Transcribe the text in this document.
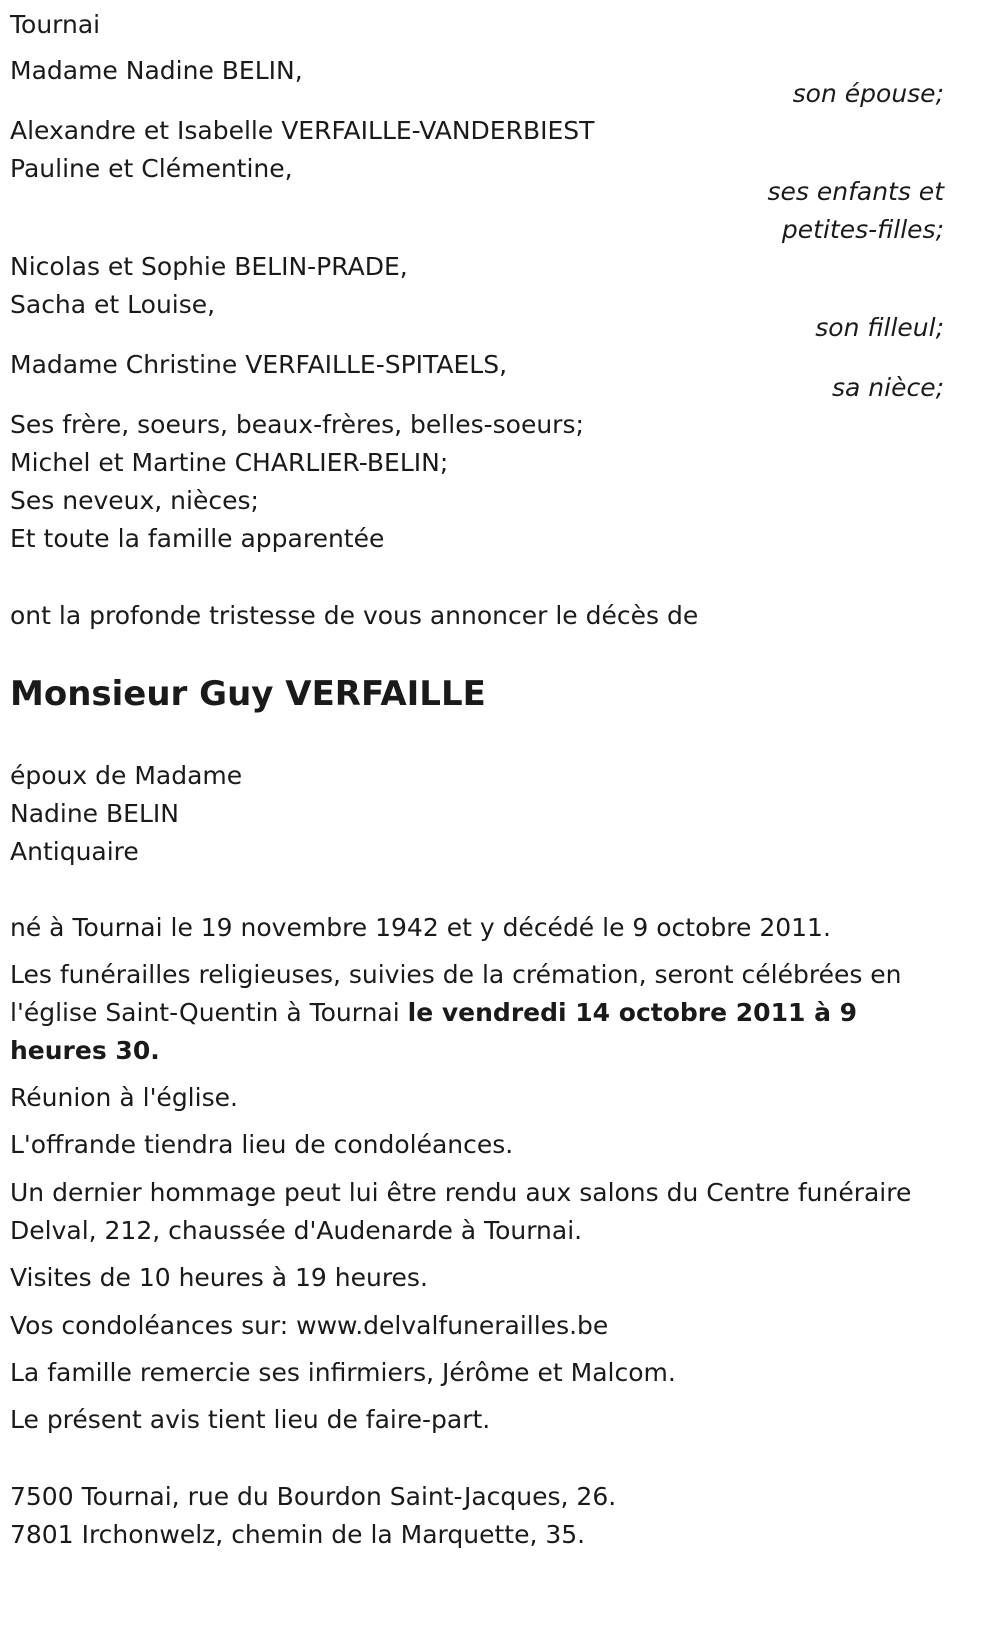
Tournai
Madame Nadine BELIN,
son épouse;
Alexandre et Isabelle VERFAILLE-VANDERBIEST
Pauline et Clémentine,
ses enfants et
petites-filles;
Nicolas et Sophie BELIN-PRADE,
Sacha et Louise,
son filleul;
Madame Christine VERFAILLE-SPITAELS,
sa nièce;
Ses frère, soeurs, beaux-frères, belles-soeurs;
Michel et Martine CHARLIER-BELIN;
Ses neveux, nièces;
Et toute la famille apparentée
ont la profonde tristesse de vous annoncer le décès de
Monsieur Guy VERFAILLE
époux de Madame
Nadine BELIN
Antiquaire
né à Tournai le 19 novembre 1942 et y décédé le 9 octobre 2011.
Les funérailles religieuses, suivies de la crémation, seront célébrées en l'église Saint-Quentin à Tournai le vendredi 14 octobre 2011 à 9 heures 30.
Réunion à l'église.
L'offrande tiendra lieu de condoléances.
Un dernier hommage peut lui être rendu aux salons du Centre funéraire Delval, 212, chaussée d'Audenarde à Tournai.
Visites de 10 heures à 19 heures.
Vos condoléances sur: www.delvalfunerailles.be
La famille remercie ses infirmiers, Jérôme et Malcom.
Le présent avis tient lieu de faire-part.
7500 Tournai, rue du Bourdon Saint-Jacques, 26.
7801 Irchonwelz, chemin de la Marquette, 35.
